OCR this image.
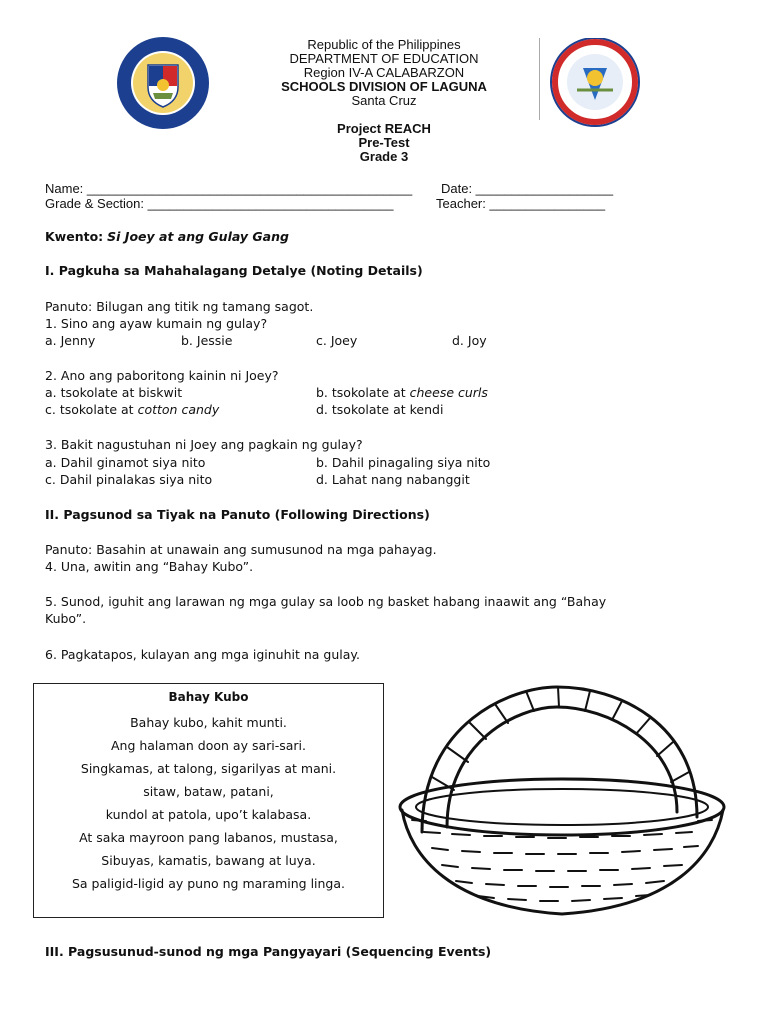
Republic of the Philippines
DEPARTMENT OF EDUCATION
Region IV-A CALABARZON
SCHOOLS DIVISION OF LAGUNA
Santa Cruz
Project REACH
Pre-Test
Grade 3
Name: _____________________________________________ Date: ___________________
Grade & Section: __________________________________	Teacher: ________________
Kwento: Si Joey at ang Gulay Gang
I. Pagkuha sa Mahahalagang Detalye (Noting Details)
Panuto: Bilugan ang titik ng tamang sagot.
1. Sino ang ayaw kumain ng gulay?
a. Jenny	b. Jessie	c. Joey	d. Joy
2. Ano ang paboritong kainin ni Joey?
a. tsokolate at biskwit	b. tsokolate at cheese curls
c. tsokolate at cotton candy	d. tsokolate at kendi
3. Bakit nagustuhan ni Joey ang pagkain ng gulay?
a. Dahil ginamot siya nito	b. Dahil pinagaling siya nito
c. Dahil pinalakas siya nito	d. Lahat nang nabanggit
II. Pagsunod sa Tiyak na Panuto (Following Directions)
Panuto: Basahin at unawain ang sumusunod na mga pahayag.
4. Una, awitin ang “Bahay Kubo”.
5. Sunod, iguhit ang larawan ng mga gulay sa loob ng basket habang inaawit ang “Bahay
Kubo”.
6. Pagkatapos, kulayan ang mga iginuhit na gulay.
Bahay Kubo
Bahay kubo, kahit munti.
Ang halaman doon ay sari-sari.
Singkamas, at talong, sigarilyas at mani.
sitaw, bataw, patani,
kundol at patola, upo’t kalabasa.
At saka mayroon pang labanos, mustasa,
Sibuyas, kamatis, bawang at luya.
Sa paligid-ligid ay puno ng maraming linga.
III. Pagsusunud-sunod ng mga Pangyayari (Sequencing Events)
